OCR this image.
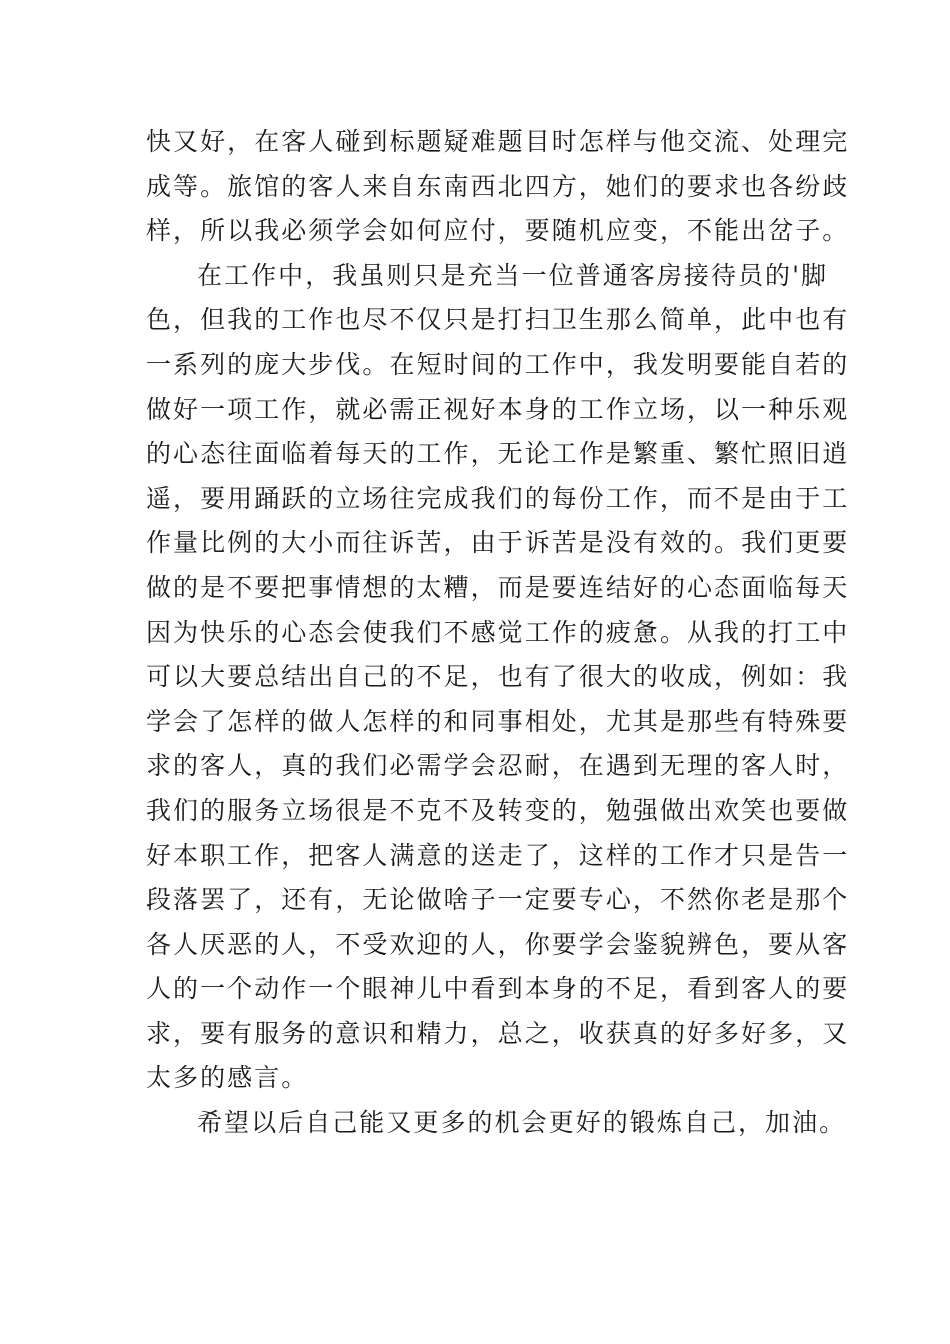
快又好，在客人碰到标题疑难题目时怎样与他交流、处理完
成等。旅馆的客人来自东南西北四方，她们的要求也各纷歧
样，所以我必须学会如何应付，要随机应变，不能出岔子。
在工作中，我虽则只是充当一位普通客房接待员的'脚
色，但我的工作也尽不仅只是打扫卫生那么简单，此中也有
一系列的庞大步伐。在短时间的工作中，我发明要能自若的
做好一项工作，就必需正视好本身的工作立场，以一种乐观
的心态往面临着每天的工作，无论工作是繁重、繁忙照旧逍
遥，要用踊跃的立场往完成我们的每份工作，而不是由于工
作量比例的大小而往诉苦，由于诉苦是没有效的。我们更要
做的是不要把事情想的太糟，而是要连结好的心态面临每天
因为快乐的心态会使我们不感觉工作的疲惫。从我的打工中
可以大要总结出自己的不足，也有了很大的收成，例如：我
学会了怎样的做人怎样的和同事相处，尤其是那些有特殊要
求的客人，真的我们必需学会忍耐，在遇到无理的客人时，
我们的服务立场很是不克不及转变的，勉强做出欢笑也要做
好本职工作，把客人满意的送走了，这样的工作才只是告一
段落罢了，还有，无论做啥子一定要专心，不然你老是那个
各人厌恶的人，不受欢迎的人，你要学会鉴貌辨色，要从客
人的一个动作一个眼神儿中看到本身的不足，看到客人的要
求，要有服务的意识和精力，总之，收获真的好多好多，又
太多的感言。
希望以后自己能又更多的机会更好的锻炼自己，加油。
